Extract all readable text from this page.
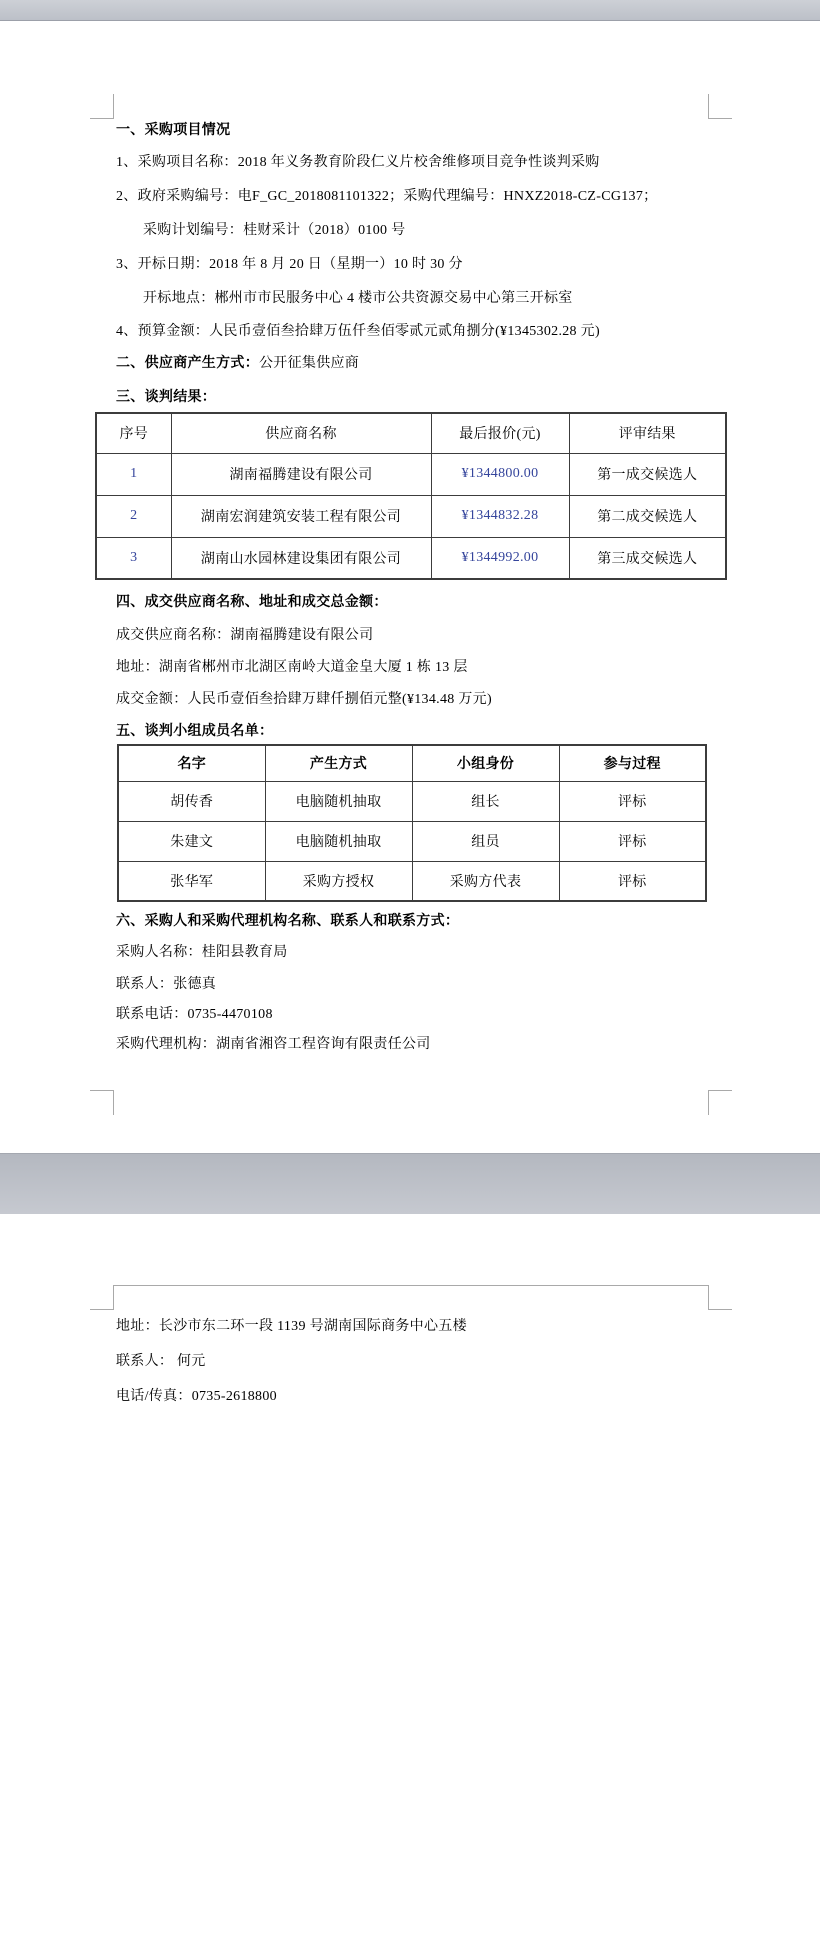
一、采购项目情况
1、采购项目名称：2018 年义务教育阶段仁义片校舍维修项目竞争性谈判采购
2、政府采购编号：电F_GC_2018081101322；采购代理编号：HNXZ2018-CZ-CG137；
采购计划编号：桂财采计（2018）0100 号
3、开标日期：2018 年 8 月 20 日（星期一）10 时 30 分
开标地点：郴州市市民服务中心 4 楼市公共资源交易中心第三开标室
4、预算金额：人民币壹佰叁拾肆万伍仟叁佰零贰元贰角捌分(¥1345302.28 元)
二、供应商产生方式：公开征集供应商
三、谈判结果：
序号	供应商名称	最后报价(元)	评审结果
1	湖南福腾建设有限公司	¥1344800.00	第一成交候选人
2	湖南宏润建筑安装工程有限公司	¥1344832.28	第二成交候选人
3	湖南山水园林建设集团有限公司	¥1344992.00	第三成交候选人
四、成交供应商名称、地址和成交总金额：
成交供应商名称：湖南福腾建设有限公司
地址：湖南省郴州市北湖区南岭大道金皇大厦 1 栋 13 层
成交金额：人民币壹佰叁拾肆万肆仟捌佰元整(¥134.48 万元)
五、谈判小组成员名单：
名字	产生方式	小组身份	参与过程
胡传香	电脑随机抽取	组长	评标
朱建文	电脑随机抽取	组员	评标
张华军	采购方授权	采购方代表	评标
六、采购人和采购代理机构名称、联系人和联系方式：
采购人名称：桂阳县教育局
联系人：张德真
联系电话：0735-4470108
采购代理机构：湖南省湘咨工程咨询有限责任公司
地址：长沙市东二环一段 1139 号湖南国际商务中心五楼
联系人： 何元
电话/传真：0735-2618800
